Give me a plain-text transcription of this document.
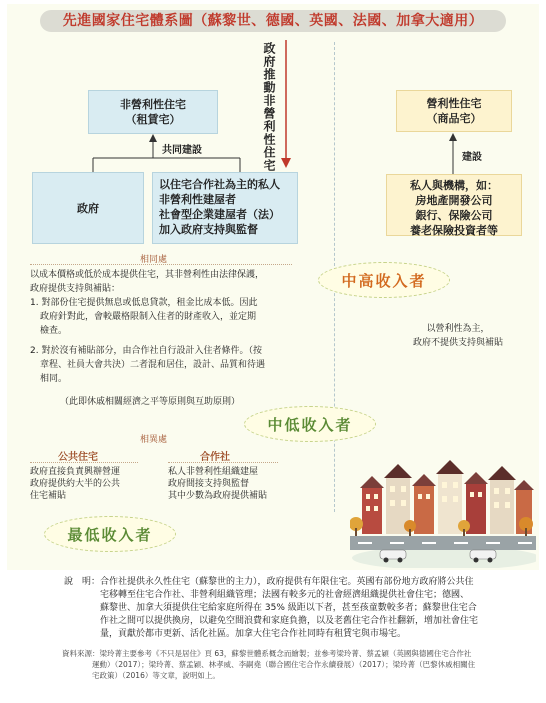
先進國家住宅體系圖（蘇黎世、德國、英國、法國、加拿大適用）
非營利性住宅
（租賃宅）	政府推動非營利性住宅
共同建設
政府
以住宅合作社為主的私人
非營利性建屋者
社會型企業建屋者（法）
加入政府支持與監督
相同處
以成本價格或低於成本提供住宅，其非營利性由法律保護，
政府提供支持與補貼：
1. 對部份住宅提供無息或低息貸款，租金比成本低。因此
政府針對此，會較嚴格限制入住者的財產收入，並定期
檢查。
2. 對於沒有補貼部分，由合作社自行設計入住者條件。（按
章程、社員大會共決）二者混和居住，設計、品質和待遇
相同。
（此即休戚相關經濟之平等原則與互助原則）
相異處
公共住宅
政府直接負責興辦營運
政府提供約大半的公共
住宅補貼
合作社
私人非營利性組織建屋
政府間接支持與監督
其中少數為政府提供補貼
中高收入者
中低收入者
最低收入者
營利性住宅
（商品宅）
建設
私人與機構，如：
房地產開發公司
銀行、保險公司
養老保險投資者等
以營利性為主，
政府不提供支持與補貼
說　明： 合作社提供永久性住宅（蘇黎世的主力），政府提供有年限住宅。英國有部份地方政府將公共住
宅移轉至住宅合作社、非營利組織管理；法國有較多元的社會經濟組織提供社會住宅；德國、
蘇黎世、加拿大須提供住宅給家庭所得在 35% 級距以下者，甚至孩童數較多者；蘇黎世住宅合
作社之間可以提供換房，以避免空間浪費和家庭負擔，以及老舊住宅合作社翻新，增加社會住宅
量，貢獻於都市更新、活化社區。加拿大住宅合作社同時有租賃宅與市場宅。
資料來源：梁玲菁主要參考《不只是居住》頁 63，蘇黎世體系概念而繪製；並參考梁玲菁、蔡孟穎（英國與德國住宅合作社
運動）（2017）；梁玲菁、蔡孟穎、林孝威、李嗣堯（聯合國住宅合作永續發展）（2017）；梁玲菁（巴黎休戚相關住
宅政策）（2016）等文章，說明如上。
